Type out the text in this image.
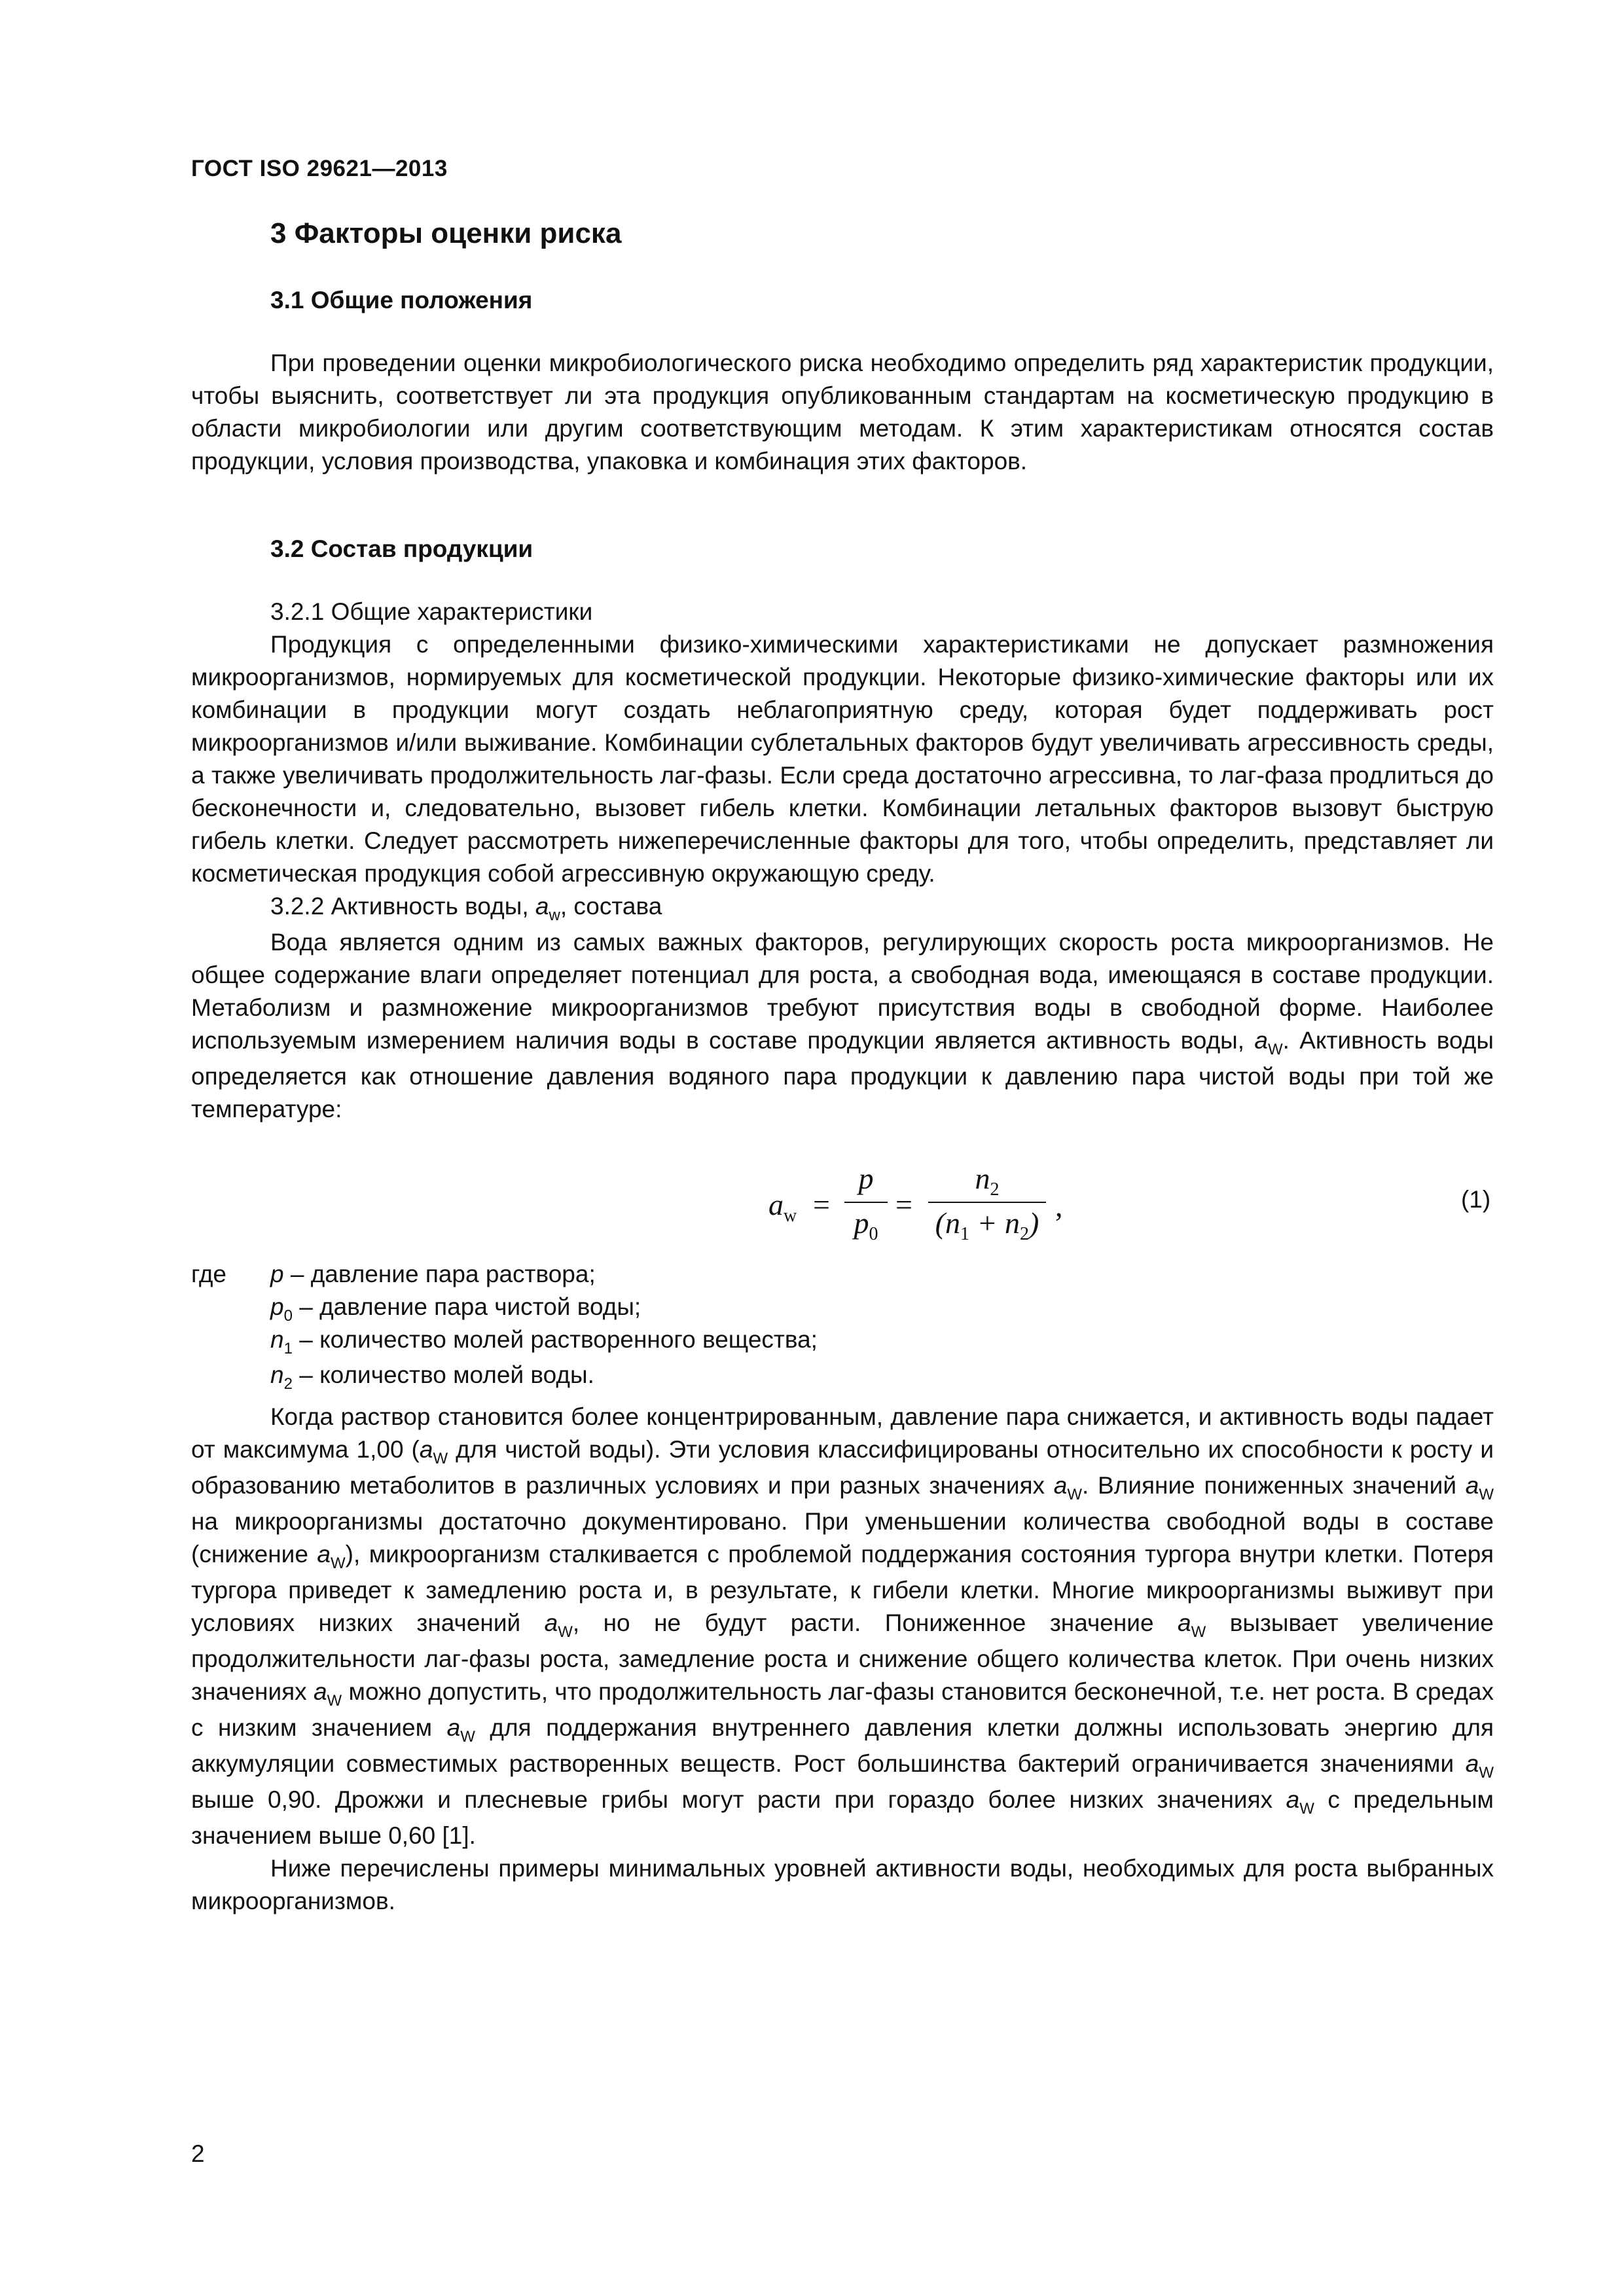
ГОСТ ISO 29621—2013
3 Факторы оценки риска
3.1 Общие положения

При проведении оценки микробиологического риска необходимо определить ряд характеристик продукции, чтобы выяснить, соответствует ли эта продукция опубликованным стандартам на косметическую продукцию в области микробиологии или другим соответствующим методам. К этим характеристикам относятся состав продукции, условия производства, упаковка и комбинация этих факторов.

3.2 Состав продукции

3.2.1 Общие характеристики

Продукция с определенными физико-химическими характеристиками не допускает размножения микроорганизмов, нормируемых для косметической продукции. Некоторые физико-химические факторы или их комбинации в продукции могут создать неблагоприятную среду, которая будет поддерживать рост микроорганизмов и/или выживание. Комбинации сублетальных факторов будут увеличивать агрессивность среды, а также увеличивать продолжительность лаг-фазы. Если среда достаточно агрессивна, то лаг-фаза продлиться до бесконечности и, следовательно, вызовет гибель клетки. Комбинации летальных факторов вызовут быструю гибель клетки. Следует рассмотреть нижеперечисленные факторы для того, чтобы определить, представляет ли косметическая продукция собой агрессивную окружающую среду.

3.2.2 Активность воды, $a_w$, состава

Вода является одним из самых важных факторов, регулирующих скорость роста микроорганизмов. Не общее содержание влаги определяет потенциал для роста, а свободная вода, имеющаяся в составе продукции. Метаболизм и размножение микроорганизмов требуют присутствия воды в свободной форме. Наиболее используемым измерением наличия воды в составе продукции является активность воды, $a_W$. Активность воды определяется как отношение давления водяного пара продукции к давлению пара чистой воды при той же температуре:

$a_w$ =
p
$p_0$
=
$n_2$
$(n_1 + n_2)$
,	(1)
где p – давление пара раствора;
$p_0$ – давление пара чистой воды;
$n_1$ – количество молей растворенного вещества;
$n_2$ – количество молей воды.

Когда раствор становится более концентрированным, давление пара снижается, и активность воды падает от максимума 1,00 ($a_W$ для чистой воды). Эти условия классифицированы относительно их способности к росту и образованию метаболитов в различных условиях и при разных значениях $a_W$. Влияние пониженных значений $a_W$ на микроорганизмы достаточно документировано. При уменьшении количества свободной воды в составе (снижение $a_W$), микроорганизм сталкивается с проблемой поддержания состояния тургора внутри клетки. Потеря тургора приведет к замедлению роста и, в результате, к гибели клетки. Многие микроорганизмы выживут при условиях низких значений $a_W$, но не будут расти. Пониженное значение $a_W$ вызывает увеличение продолжительности лаг-фазы роста, замедление роста и снижение общего количества клеток. При очень низких значениях $a_W$ можно допустить, что продолжительность лаг-фазы становится бесконечной, т.е. нет роста. В средах с низким значением $a_W$ для поддержания внутреннего давления клетки должны использовать энергию для аккумуляции совместимых растворенных веществ. Рост большинства бактерий ограничивается значениями $a_W$ выше 0,90. Дрожжи и плесневые грибы могут расти при гораздо более низких значениях $a_W$ с предельным значением выше 0,60 [1].

Ниже перечислены примеры минимальных уровней активности воды, необходимых для роста выбранных микроорганизмов.

2
